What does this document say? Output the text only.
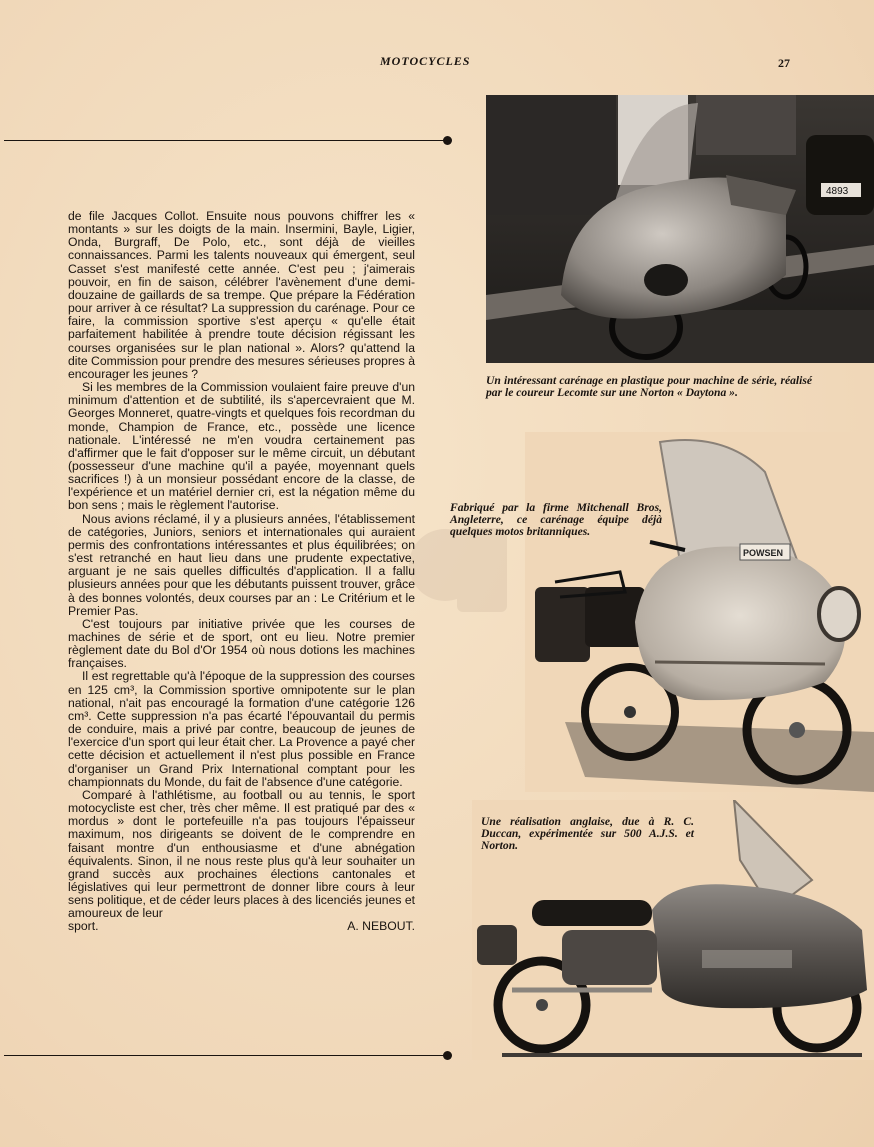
MOTOCYCLES	27

de file Jacques Collot. Ensuite nous pouvons chiffrer les « montants » sur les doigts de la main. Insermini, Bayle, Ligier, Onda, Burgraff, De Polo, etc., sont déjà de vieilles connaissances. Parmi les talents nouveaux qui émergent, seul Casset s'est manifesté cette année. C'est peu ; j'aimerais pouvoir, en fin de saison, célébrer l'avènement d'une demi-douzaine de gaillards de sa trempe. Que prépare la Fédération pour arriver à ce résultat? La suppression du carénage. Pour ce faire, la commission sportive s'est aperçu « qu'elle était parfaitement habilitée à prendre toute décision régissant les courses organisées sur le plan national ». Alors? qu'attend la dite Commission pour prendre des mesures sérieuses propres à encourager les jeunes ?

Si les membres de la Commission voulaient faire preuve d'un minimum d'attention et de subtilité, ils s'apercevraient que M. Georges Monneret, quatre-vingts et quelques fois recordman du monde, Champion de France, etc., possède une licence nationale. L'intéressé ne m'en voudra certainement pas d'affirmer que le fait d'opposer sur le même circuit, un débutant (possesseur d'une machine qu'il a payée, moyennant quels sacrifices !) à un monsieur possédant encore de la classe, de l'expérience et un matériel dernier cri, est la négation même du bon sens ; mais le règlement l'autorise.

Nous avions réclamé, il y a plusieurs années, l'établissement de catégories, Juniors, seniors et internationales qui auraient permis des confrontations intéressantes et plus équilibrées; on s'est retranché en haut lieu dans une prudente expectative, arguant je ne sais quelles difficultés d'application. Il a fallu plusieurs années pour que les débutants puissent trouver, grâce à des bonnes volontés, deux courses par an : Le Critérium et le Premier Pas.

C'est toujours par initiative privée que les courses de machines de série et de sport, ont eu lieu. Notre premier règlement date du Bol d'Or 1954 où nous dotions les machines françaises.

Il est regrettable qu'à l'époque de la suppression des courses en 125 cm³, la Commission sportive omnipotente sur le plan national, n'ait pas encouragé la formation d'une catégorie 126 cm³. Cette suppression n'a pas écarté l'épouvantail du permis de conduire, mais a privé par contre, beaucoup de jeunes de l'exercice d'un sport qui leur était cher. La Provence a payé cher cette décision et actuellement il n'est plus possible en France d'organiser un Grand Prix International comptant pour les championnats du Monde, du fait de l'absence d'une catégorie.

Comparé à l'athlétisme, au football ou au tennis, le sport motocycliste est cher, très cher même. Il est pratiqué par des « mordus » dont le portefeuille n'a pas toujours l'épaisseur maximum, nos dirigeants se doivent de le comprendre en faisant montre d'un enthousiasme et d'une abnégation équivalents. Sinon, il ne nous reste plus qu'à leur souhaiter un grand succès aux prochaines élections cantonales et législatives qui leur permettront de donner libre cours à leur sens politique, et de céder leurs places à des licenciés jeunes et amoureux de leur

sport.	A. NEBOUT.
4893
Un intéressant carénage en plastique pour machine de série, réalisé par le coureur Lecomte sur une Norton « Daytona ».
POWSEN
Fabriqué par la firme Mitchenall Bros, Angleterre, ce carénage équipe déjà quelques motos britanniques.
Une réalisation anglaise, due à R. C. Duccan, expérimentée sur 500 A.J.S. et Norton.
